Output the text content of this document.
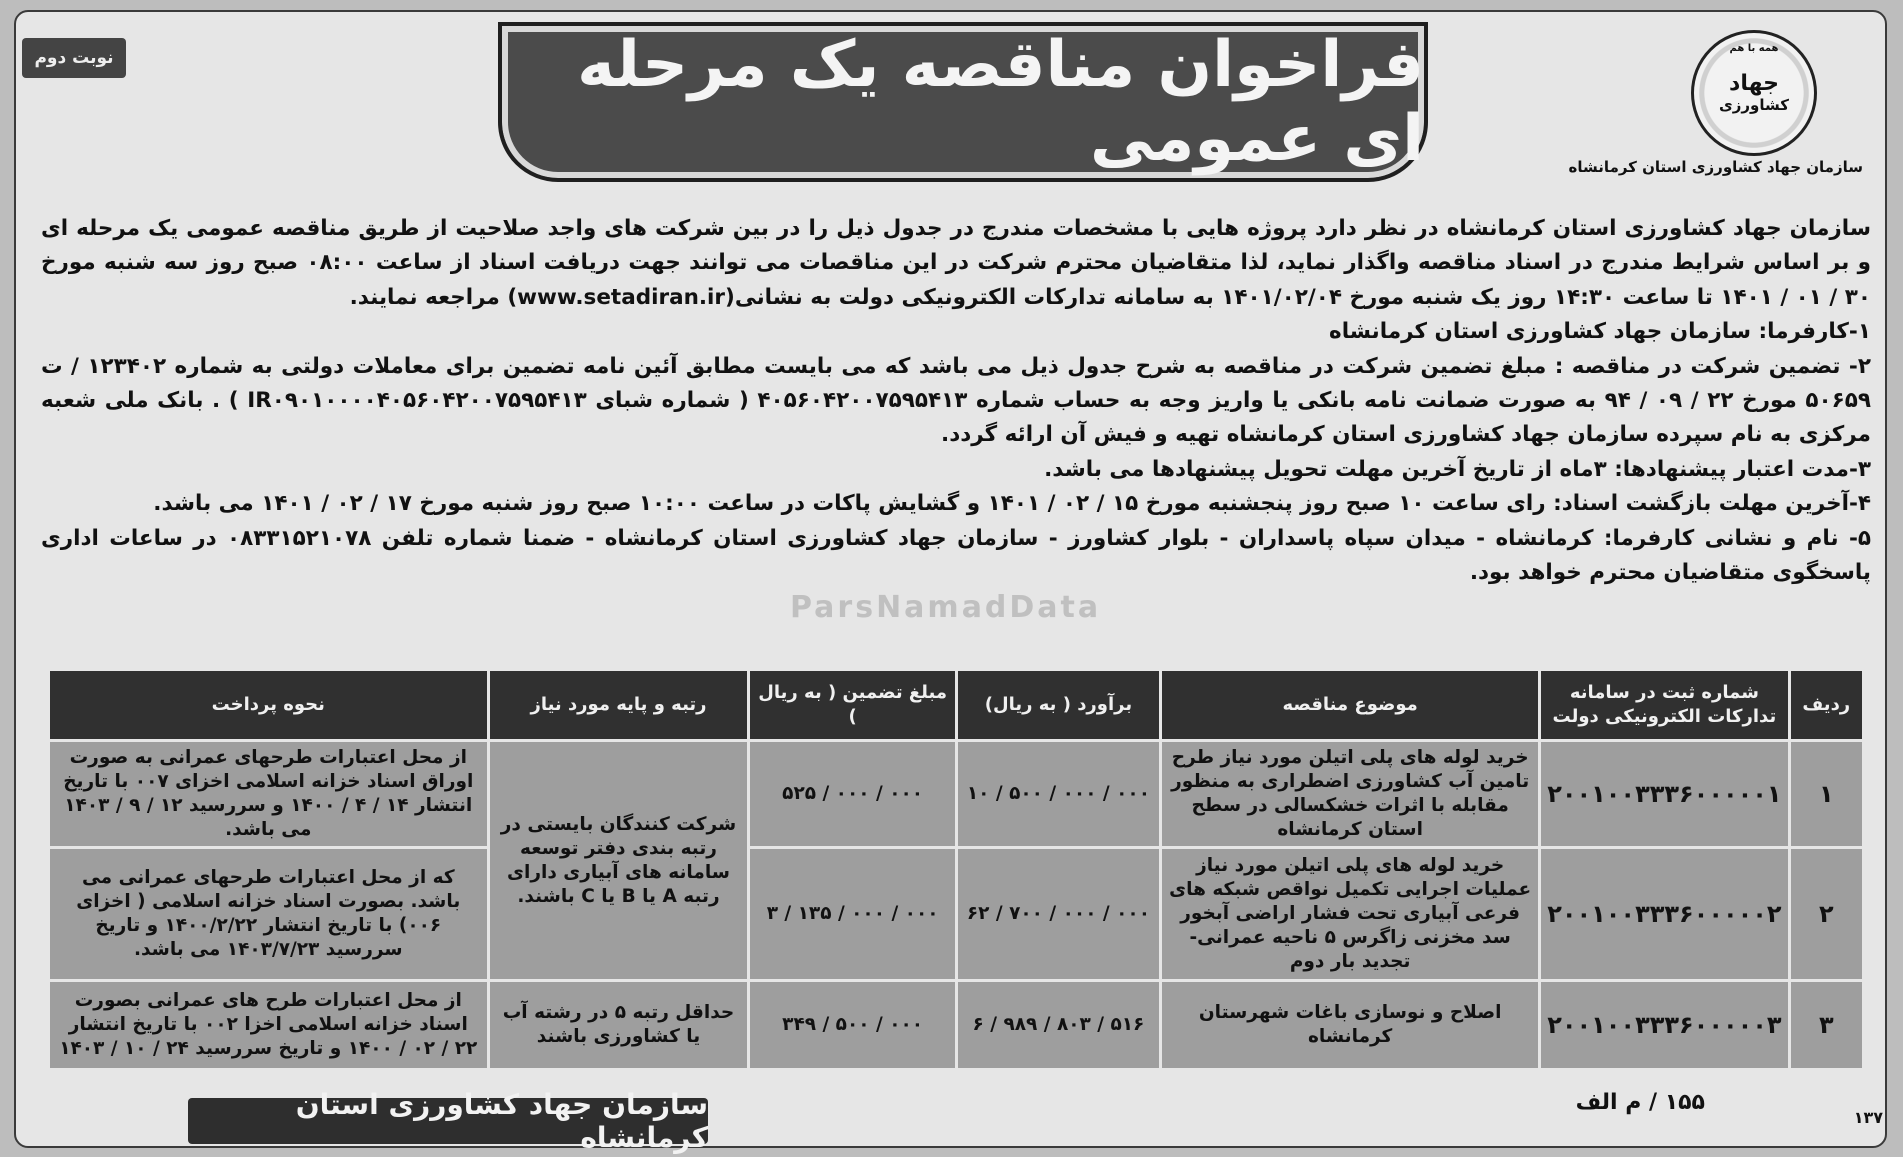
همه با هم
جهاد
کشاورزی
سازمان جهاد کشاورزی استان کرمانشاه
فراخوان مناقصه یک مرحله ای عمومی
نوبت دوم

سازمان جهاد کشاورزی استان کرمانشاه در نظر دارد پروژه هایی با مشخصات مندرج در جدول ذیل را در بین شرکت های واجد صلاحیت از طریق مناقصه عمومی یک مرحله ای و بر اساس شرایط مندرج در اسناد مناقصه واگذار نماید، لذا متقاضیان محترم شرکت در این مناقصات می توانند جهت دریافت اسناد از ساعت ۰۸:۰۰ صبح روز سه شنبه مورخ ۳۰ / ۰۱ / ۱۴۰۱ تا ساعت ۱۴:۳۰ روز یک شنبه مورخ ۱۴۰۱/۰۲/۰۴ به سامانه تدارکات الکترونیکی دولت به نشانی(www.setadiran.ir) مراجعه نمایند.

۱-کارفرما: سازمان جهاد کشاورزی استان کرمانشاه

۲- تضمین شرکت در مناقصه : مبلغ تضمین شرکت در مناقصه به شرح جدول ذیل می باشد که می بایست مطابق آئین نامه تضمین برای معاملات دولتی به شماره ۱۲۳۴۰۲ / ت ۵۰۶۵۹ مورخ ۲۲ / ۰۹ / ۹۴ به صورت ضمانت نامه بانکی یا واریز وجه به حساب شماره ۴۰۵۶۰۴۲۰۰۷۵۹۵۴۱۳ ( شماره شبای IR۰۹۰۱۰۰۰۰۴۰۵۶۰۴۲۰۰۷۵۹۵۴۱۳ ) . بانک ملی شعبه مرکزی به نام سپرده سازمان جهاد کشاورزی استان کرمانشاه تهیه و فیش آن ارائه گردد.

۳-مدت اعتبار پیشنهادها: ۳ماه از تاریخ آخرین مهلت تحویل پیشنهادها می باشد.

۴-آخرین مهلت بازگشت اسناد: رای ساعت ۱۰ صبح روز پنجشنبه مورخ ۱۵ / ۰۲ / ۱۴۰۱ و گشایش پاکات در ساعت ۱۰:۰۰ صبح روز شنبه مورخ ۱۷ / ۰۲ / ۱۴۰۱ می باشد.

۵- نام و نشانی کارفرما: کرمانشاه - میدان سپاه پاسداران - بلوار کشاورز - سازمان جهاد کشاورزی استان کرمانشاه - ضمنا شماره تلفن ۰۸۳۳۱۵۲۱۰۷۸ در ساعات اداری پاسخگوی متقاضیان محترم خواهد بود.

ParsNamadData
ردیف	شماره ثبت در سامانه تدارکات الکترونیکی دولت	موضوع مناقصه	برآورد ( به ریال)	مبلغ تضمین ( به ریال )	رتبه و پایه مورد نیاز	نحوه پرداخت
۱	۲۰۰۱۰۰۳۳۳۶۰۰۰۰۰۱	خرید لوله های پلی اتیلن مورد نیاز طرح تامین آب کشاورزی اضطراری به منظور مقابله با اثرات خشکسالی در سطح استان کرمانشاه	۱۰ / ۵۰۰ / ۰۰۰ / ۰۰۰	۵۲۵ / ۰۰۰ / ۰۰۰	شرکت کنندگان بایستی در رتبه بندی دفتر توسعه سامانه های آبیاری دارای رتبه A یا B یا C باشند.	از محل اعتبارات طرحهای عمرانی به صورت اوراق اسناد خزانه اسلامی اخزای ۰۰۷ با تاریخ انتشار ۱۴ / ۴ / ۱۴۰۰ و سررسید ۱۲ / ۹ / ۱۴۰۳ می باشد.
۲	۲۰۰۱۰۰۳۳۳۶۰۰۰۰۰۲	خرید لوله های پلی اتیلن مورد نیاز عملیات اجرایی تکمیل نواقص شبکه های فرعی آبیاری تحت فشار اراضی آبخور سد مخزنی زاگرس ۵ ناحیه عمرانی- تجدید بار دوم	۶۲ / ۷۰۰ / ۰۰۰ / ۰۰۰	۳ / ۱۳۵ / ۰۰۰ / ۰۰۰		که از محل اعتبارات طرحهای عمرانی می باشد. بصورت اسناد خزانه اسلامی ( اخزای ۰۰۶) با تاریخ انتشار ۱۴۰۰/۲/۲۲ و تاریخ سررسید ۱۴۰۳/۷/۲۳ می باشد.
۳	۲۰۰۱۰۰۳۳۳۶۰۰۰۰۰۳	اصلاح و نوسازی باغات شهرستان کرمانشاه	۶ / ۹۸۹ / ۸۰۳ / ۵۱۶	۳۴۹ / ۵۰۰ / ۰۰۰	حداقل رتبه ۵ در رشته آب یا کشاورزی باشند	از محل اعتبارات طرح های عمرانی بصورت اسناد خزانه اسلامی اخزا ۰۰۲ با تاریخ انتشار ۲۲ / ۰۲ / ۱۴۰۰ و تاریخ سررسید ۲۴ / ۱۰ / ۱۴۰۳
۱۵۵ / م الف
۱۳۷
سازمان جهاد کشاورزی استان کرمانشاه
